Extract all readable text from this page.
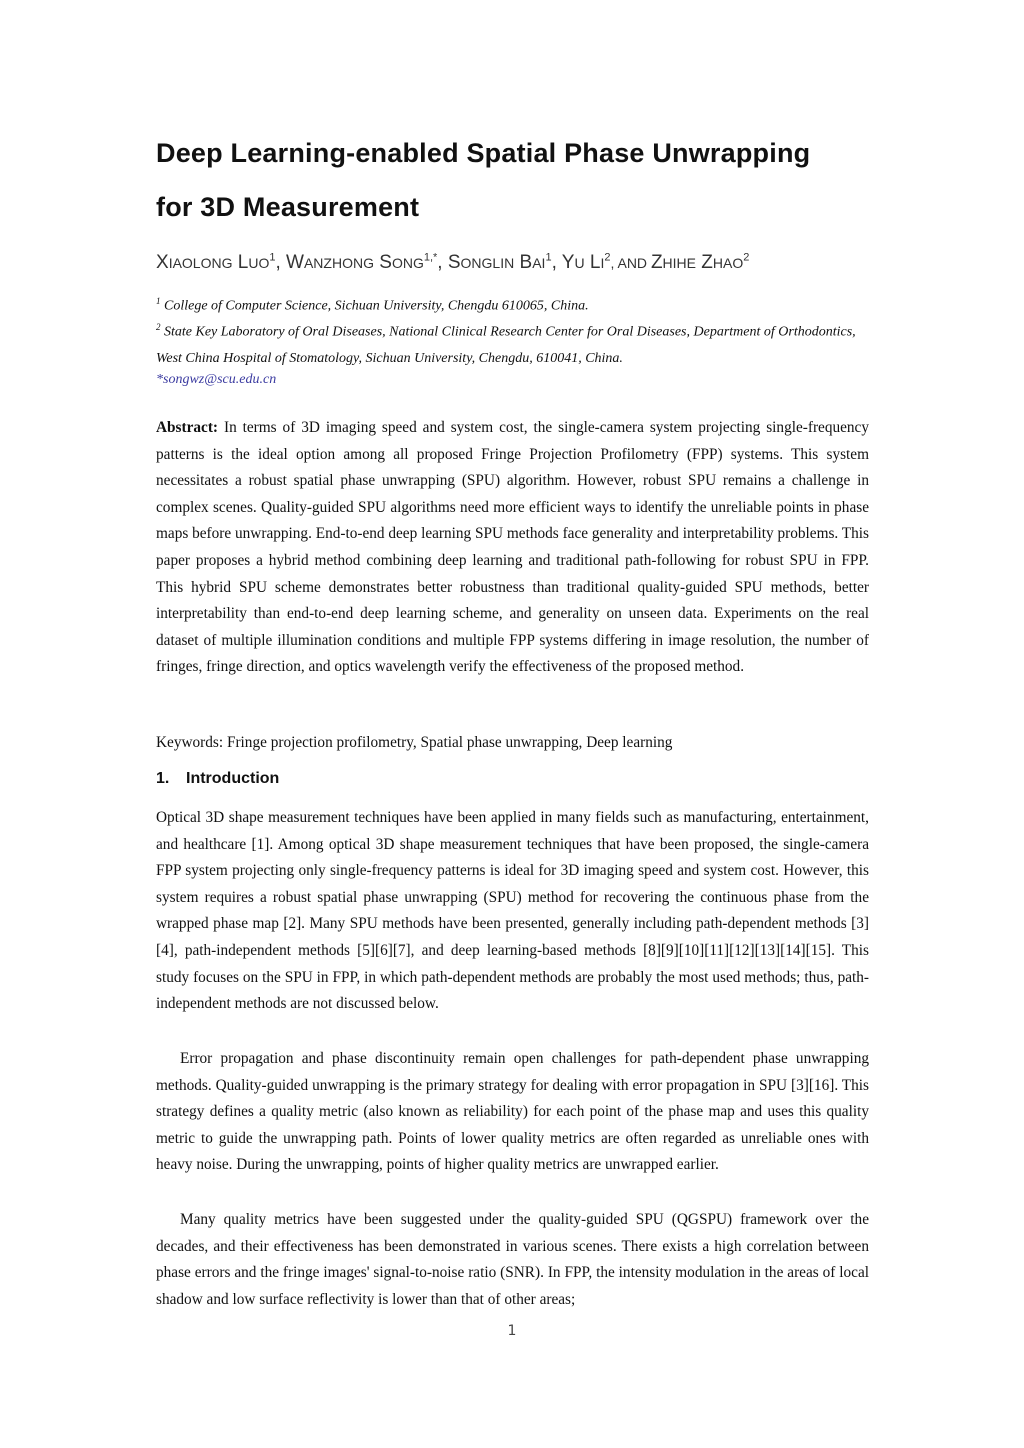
Deep Learning-enabled Spatial Phase Unwrapping
for 3D Measurement
XIAOLONG LUO$^1$, WANZHONG $SONG^{1,*}$, SONGLIN BAI$^1$, YU $LI^2$, AND ZHIHE ZHAO$^2$
$^1$ College of Computer Science, Sichuan University, Chengdu 610065, China.
$^2$ State Key Laboratory of Oral Diseases, National Clinical Research Center for Oral Diseases, Department of Orthodontics, West China Hospital of Stomatology, Sichuan University, Chengdu, 610041, China.
*songwz@scu.edu.cn

Abstract: In terms of 3D imaging speed and system cost, the single-camera system projecting single-frequency patterns is the ideal option among all proposed Fringe Projection Profilometry (FPP) systems. This system necessitates a robust spatial phase unwrapping (SPU) algorithm. However, robust SPU remains a challenge in complex scenes. Quality-guided SPU algorithms need more efficient ways to identify the unreliable points in phase maps before unwrapping. End-to-end deep learning SPU methods face generality and interpretability problems. This paper proposes a hybrid method combining deep learning and traditional path-following for robust SPU in FPP. This hybrid SPU scheme demonstrates better robustness than traditional quality-guided SPU methods, better interpretability than end-to-end deep learning scheme, and generality on unseen data. Experiments on the real dataset of multiple illumination conditions and multiple FPP systems differing in image resolution, the number of fringes, fringe direction, and optics wavelength verify the effectiveness of the proposed method.

Keywords: Fringe projection profilometry, Spatial phase unwrapping, Deep learning

1. Introduction

Optical 3D shape measurement techniques have been applied in many fields such as manufacturing, entertainment, and healthcare [1]. Among optical 3D shape measurement techniques that have been proposed, the single-camera FPP system projecting only single-frequency patterns is ideal for 3D imaging speed and system cost. However, this system requires a robust spatial phase unwrapping (SPU) method for recovering the continuous phase from the wrapped phase map [2]. Many SPU methods have been presented, generally including path-dependent methods [3][4], path-independent methods [5][6][7], and deep learning-based methods [8][9][10][11][12][13][14][15]. This study focuses on the SPU in FPP, in which path-dependent methods are probably the most used methods; thus, path-independent methods are not discussed below.

Error propagation and phase discontinuity remain open challenges for path-dependent phase unwrapping methods. Quality-guided unwrapping is the primary strategy for dealing with error propagation in SPU [3][16]. This strategy defines a quality metric (also known as reliability) for each point of the phase map and uses this quality metric to guide the unwrapping path. Points of lower quality metrics are often regarded as unreliable ones with heavy noise. During the unwrapping, points of higher quality metrics are unwrapped earlier.

Many quality metrics have been suggested under the quality-guided SPU (QGSPU) framework over the decades, and their effectiveness has been demonstrated in various scenes. There exists a high correlation between phase errors and the fringe images' signal-to-noise ratio (SNR). In FPP, the intensity modulation in the areas of local shadow and low surface reflectivity is lower than that of other areas;

1
